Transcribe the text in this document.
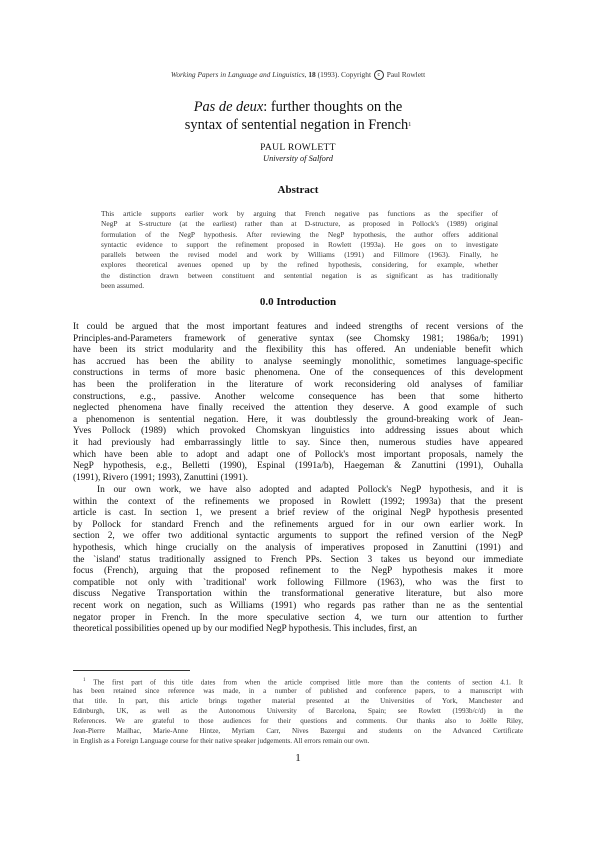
Working Papers in Language and Linguistics, 18 (1993). Copyright c Paul Rowlett
Pas de deux: further thoughts on the
syntax of sentential negation in French$^1$
PAUL ROWLETT
University of Salford
Abstract
This article supports earlier work by arguing that French negative pas functions as the specifier of
NegP at S-structure (at the earliest) rather than at D-structure, as proposed in Pollock's (1989) original
formulation of the NegP hypothesis. After reviewing the NegP hypothesis, the author offers additional
syntactic evidence to support the refinement proposed in Rowlett (1993a). He goes on to investigate
parallels between the revised model and work by Williams (1991) and Fillmore (1963). Finally, he
explores theoretical avenues opened up by the refined hypothesis, considering, for example, whether
the distinction drawn between constituent and sentential negation is as significant as has traditionally
been assumed.
0.0 Introduction
It could be argued that the most important features and indeed strengths of recent versions of the
Principles-and-Parameters framework of generative syntax (see Chomsky 1981; 1986a/b; 1991)
have been its strict modularity and the flexibility this has offered. An undeniable benefit which
has accrued has been the ability to analyse seemingly monolithic, sometimes language-specific
constructions in terms of more basic phenomena. One of the consequences of this development
has been the proliferation in the literature of work reconsidering old analyses of familiar
constructions, e.g., passive. Another welcome consequence has been that some hitherto
neglected phenomena have finally received the attention they deserve. A good example of such
a phenomenon is sentential negation. Here, it was doubtlessly the ground-breaking work of Jean-
Yves Pollock (1989) which provoked Chomskyan linguistics into addressing issues about which
it had previously had embarrassingly little to say. Since then, numerous studies have appeared
which have been able to adopt and adapt one of Pollock's most important proposals, namely the
NegP hypothesis, e.g., Belletti (1990), Espinal (1991a/b), Haegeman & Zanuttini (1991), Ouhalla
(1991), Rivero (1991; 1993), Zanuttini (1991).
In our own work, we have also adopted and adapted Pollock's NegP hypothesis, and it is
within the context of the refinements we proposed in Rowlett (1992; 1993a) that the present
article is cast. In section 1, we present a brief review of the original NegP hypothesis presented
by Pollock for standard French and the refinements argued for in our own earlier work. In
section 2, we offer two additional syntactic arguments to support the refined version of the NegP
hypothesis, which hinge crucially on the analysis of imperatives proposed in Zanuttini (1991) and
the `island' status traditionally assigned to French PPs. Section 3 takes us beyond our immediate
focus (French), arguing that the proposed refinement to the NegP hypothesis makes it more
compatible not only with `traditional' work following Fillmore (1963), who was the first to
discuss Negative Transportation within the transformational generative literature, but also more
recent work on negation, such as Williams (1991) who regards pas rather than ne as the sentential
negator proper in French. In the more speculative section 4, we turn our attention to further
theoretical possibilities opened up by our modified NegP hypothesis. This includes, first, an
$^1$ The first part of this title dates from when the article comprised little more than the contents of section 4.1. It
has been retained since reference was made, in a number of published and conference papers, to a manuscript with
that title. In part, this article brings together material presented at the Universities of York, Manchester and
Edinburgh, UK, as well as the Autonomous University of Barcelona, Spain; see Rowlett (1993b/c/d) in the
References. We are grateful to those audiences for their questions and comments. Our thanks also to Joëlle Riley,
Jean-Pierre Mailhac, Marie-Anne Hintze, Myriam Carr, Nives Bazergui and students on the Advanced Certificate
in English as a Foreign Language course for their native speaker judgements. All errors remain our own.
1
